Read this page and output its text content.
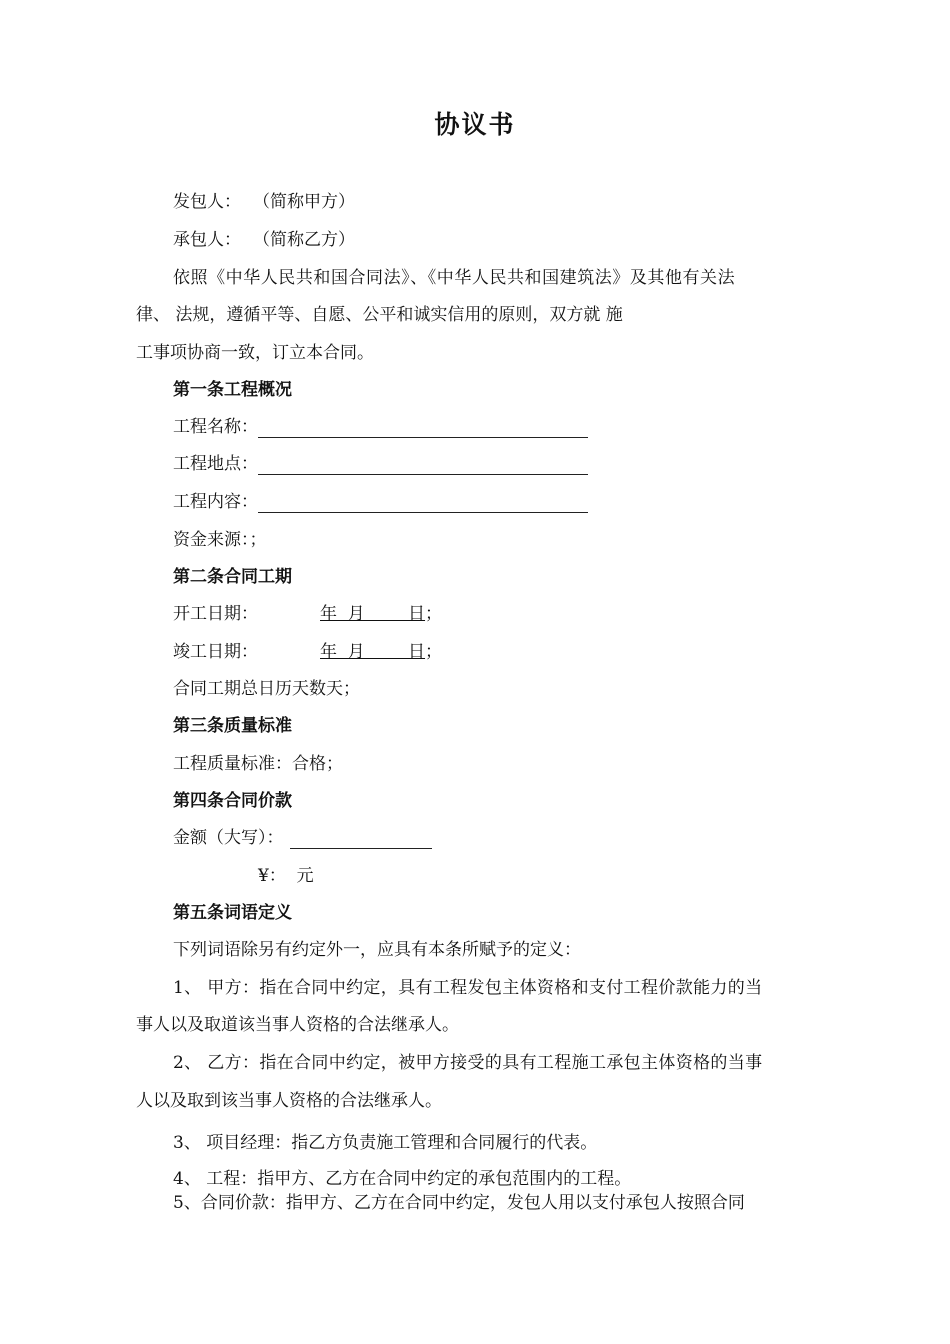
协议书
发包人： （简称甲方）
承包人： （简称乙方）
依照《中华人民共和国合同法》、《中华人民共和国建筑法》及其他有关法
律、 法规，遵循平等、自愿、公平和诚实信用的原则，双方就 施
工事项协商一致，订立本合同。
第一条工程概况
工程名称：
工程地点：
工程内容：
资金来源：；
第二条合同工期
开工日期：	年  月        日；
竣工日期：	年  月        日；
合同工期总日历天数天；
第三条质量标准
工程质量标准：合格；
第四条合同价款
金额（大写）：
¥：  元
第五条词语定义
下列词语除另有约定外一，应具有本条所赋予的定义：
1、 甲方：指在合同中约定，具有工程发包主体资格和支付工程价款能力的当
事人以及取道该当事人资格的合法继承人。
2、 乙方：指在合同中约定，被甲方接受的具有工程施工承包主体资格的当事
人以及取到该当事人资格的合法继承人。
3、 项目经理：指乙方负责施工管理和合同履行的代表。
4、 工程：指甲方、乙方在合同中约定的承包范围内的工程。
5、合同价款：指甲方、乙方在合同中约定，发包人用以支付承包人按照合同
